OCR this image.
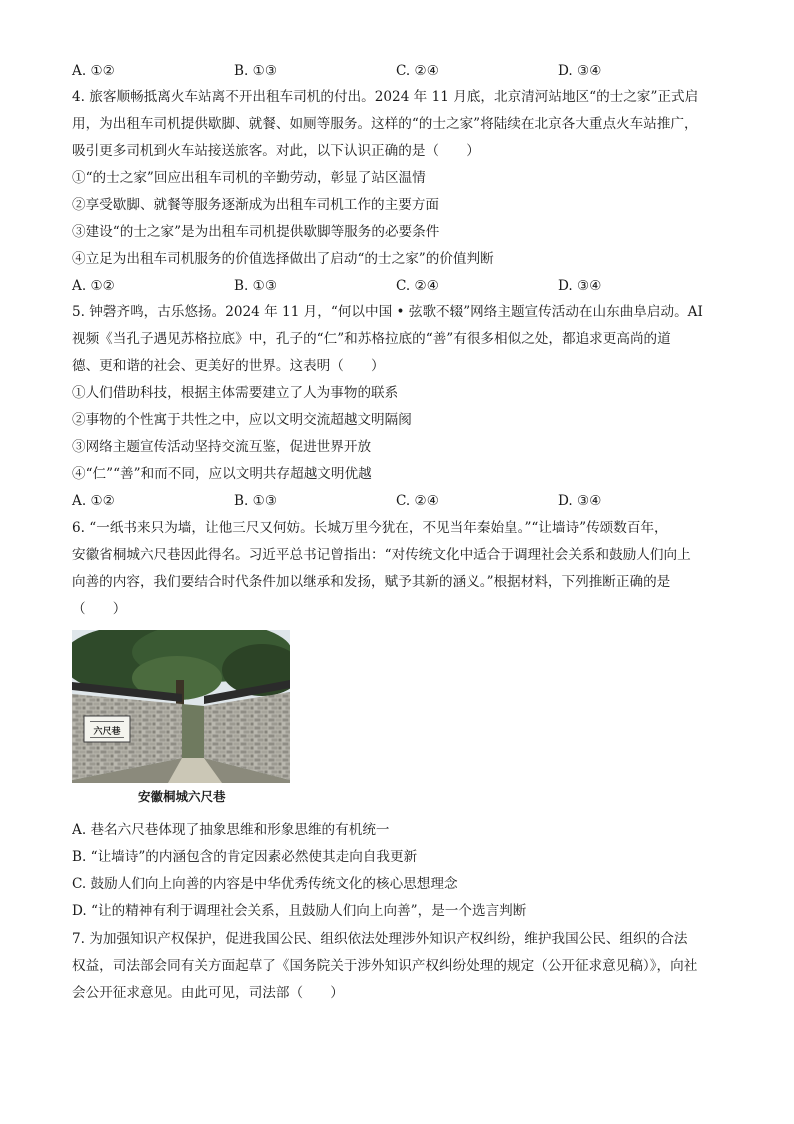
A. ①②	B. ①③	C. ②④	D. ③④
4. 旅客顺畅抵离火车站离不开出租车司机的付出。2024 年 11 月底，北京清河站地区“的士之家”正式启
用，为出租车司机提供歇脚、就餐、如厕等服务。这样的“的士之家”将陆续在北京各大重点火车站推广，
吸引更多司机到火车站接送旅客。对此，以下认识正确的是（　　）
①“的士之家”回应出租车司机的辛勤劳动，彰显了站区温情
②享受歇脚、就餐等服务逐渐成为出租车司机工作的主要方面
③建设“的士之家”是为出租车司机提供歇脚等服务的必要条件
④立足为出租车司机服务的价值选择做出了启动“的士之家”的价值判断
A. ①②	B. ①③	C. ②④	D. ③④
5. 钟磬齐鸣，古乐悠扬。2024 年 11 月，“何以中国 • 弦歌不辍”网络主题宣传活动在山东曲阜启动。AI
视频《当孔子遇见苏格拉底》中，孔子的“仁”和苏格拉底的“善”有很多相似之处，都追求更高尚的道
德、更和谐的社会、更美好的世界。这表明（　　）
①人们借助科技，根据主体需要建立了人为事物的联系
②事物的个性寓于共性之中，应以文明交流超越文明隔阂
③网络主题宣传活动坚持交流互鉴，促进世界开放
④“仁”“善”和而不同，应以文明共存超越文明优越
A. ①②	B. ①③	C. ②④	D. ③④
6. “一纸书来只为墙，让他三尺又何妨。长城万里今犹在，不见当年秦始皇。”“让墙诗”传颂数百年，
安徽省桐城六尺巷因此得名。习近平总书记曾指出：“对传统文化中适合于调理社会关系和鼓励人们向上
向善的内容，我们要结合时代条件加以继承和发扬，赋予其新的涵义。”根据材料，下列推断正确的是
（　　）
六尺巷
安徽桐城六尺巷
A. 巷名六尺巷体现了抽象思维和形象思维的有机统一
B. “让墙诗”的内涵包含的肯定因素必然使其走向自我更新
C. 鼓励人们向上向善的内容是中华优秀传统文化的核心思想理念
D. “让的精神有利于调理社会关系，且鼓励人们向上向善”，是一个选言判断
7. 为加强知识产权保护，促进我国公民、组织依法处理涉外知识产权纠纷，维护我国公民、组织的合法
权益，司法部会同有关方面起草了《国务院关于涉外知识产权纠纷处理的规定（公开征求意见稿）》，向社
会公开征求意见。由此可见，司法部（　　）
